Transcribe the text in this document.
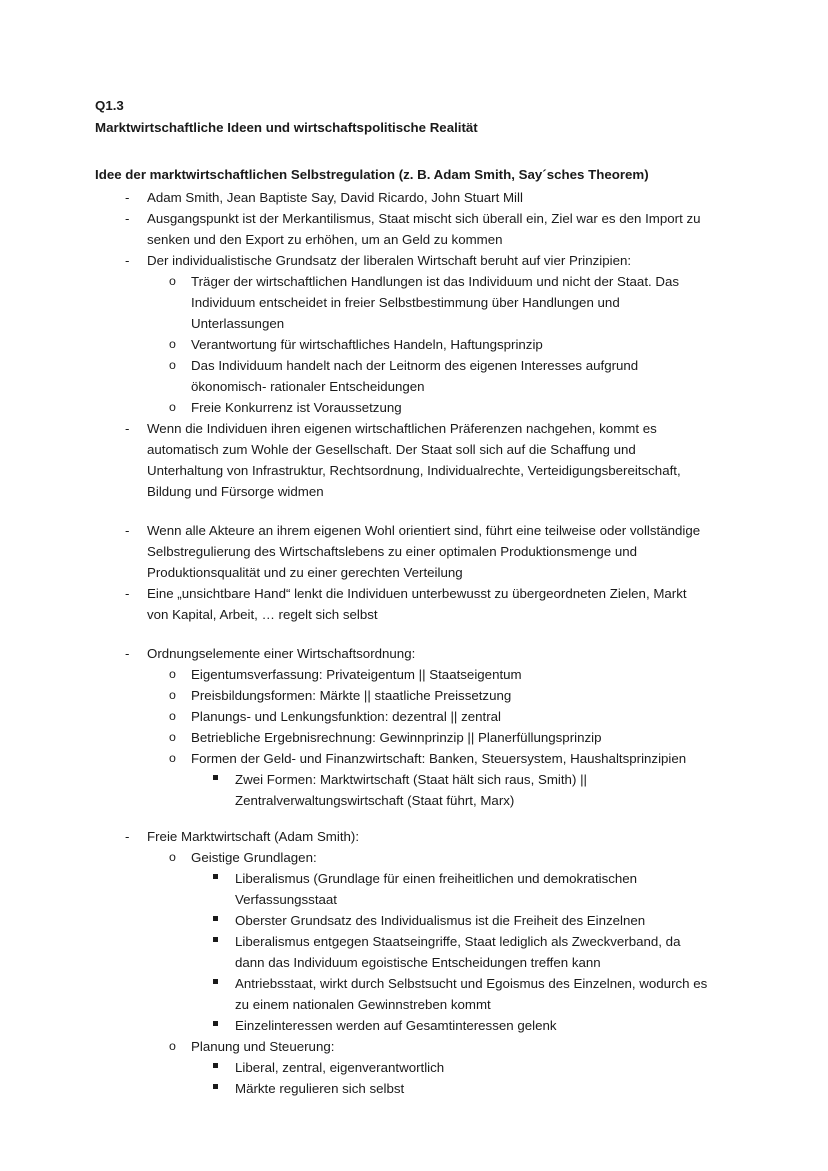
Q1.3
Marktwirtschaftliche Ideen und wirtschaftspolitische Realität
Idee der marktwirtschaftlichen Selbstregulation (z. B. Adam Smith, Say´sches Theorem)
-	Adam Smith, Jean Baptiste Say, David Ricardo, John Stuart Mill
-	Ausgangspunkt ist der Merkantilismus, Staat mischt sich überall ein, Ziel war es den Import zu senken und den Export zu erhöhen, um an Geld zu kommen
-	Der individualistische Grundsatz der liberalen Wirtschaft beruht auf vier Prinzipien:
o	Träger der wirtschaftlichen Handlungen ist das Individuum und nicht der Staat. Das Individuum entscheidet in freier Selbstbestimmung über Handlungen und Unterlassungen
o	Verantwortung für wirtschaftliches Handeln, Haftungsprinzip
o	Das Individuum handelt nach der Leitnorm des eigenen Interesses aufgrund ökonomisch- rationaler Entscheidungen
o	Freie Konkurrenz ist Voraussetzung
-	Wenn die Individuen ihren eigenen wirtschaftlichen Präferenzen nachgehen, kommt es automatisch zum Wohle der Gesellschaft. Der Staat soll sich auf die Schaffung und Unterhaltung von Infrastruktur, Rechtsordnung, Individualrechte, Verteidigungsbereitschaft, Bildung und Fürsorge widmen
-	Wenn alle Akteure an ihrem eigenen Wohl orientiert sind, führt eine teilweise oder vollständige Selbstregulierung des Wirtschaftslebens zu einer optimalen Produktionsmenge und Produktionsqualität und zu einer gerechten Verteilung
-	Eine „unsichtbare Hand“ lenkt die Individuen unterbewusst zu übergeordneten Zielen, Markt von Kapital, Arbeit, … regelt sich selbst
-	Ordnungselemente einer Wirtschaftsordnung:
o	Eigentumsverfassung: Privateigentum || Staatseigentum
o	Preisbildungsformen: Märkte || staatliche Preissetzung
o	Planungs- und Lenkungsfunktion: dezentral || zentral
o	Betriebliche Ergebnisrechnung: Gewinnprinzip || Planerfüllungsprinzip
o	Formen der Geld- und Finanzwirtschaft: Banken, Steuersystem, Haushaltsprinzipien
Zwei Formen: Marktwirtschaft (Staat hält sich raus, Smith) || Zentralverwaltungswirtschaft (Staat führt, Marx)
-	Freie Marktwirtschaft (Adam Smith):
o	Geistige Grundlagen:
Liberalismus (Grundlage für einen freiheitlichen und demokratischen Verfassungsstaat
Oberster Grundsatz des Individualismus ist die Freiheit des Einzelnen
Liberalismus entgegen Staatseingriffe, Staat lediglich als Zweckverband, da dann das Individuum egoistische Entscheidungen treffen kann
Antriebsstaat, wirkt durch Selbstsucht und Egoismus des Einzelnen, wodurch es zu einem nationalen Gewinnstreben kommt
Einzelinteressen werden auf Gesamtinteressen gelenk
o	Planung und Steuerung:
Liberal, zentral, eigenverantwortlich
Märkte regulieren sich selbst
